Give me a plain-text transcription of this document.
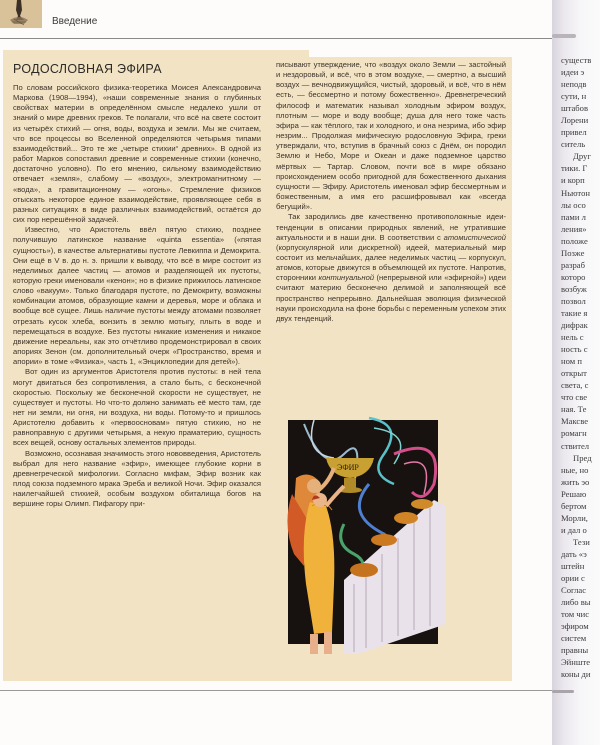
Введение
РОДОСЛОВНАЯ ЭФИРА

По словам российского физика-теоретика Моисея Александровича Маркова (1908—1994), «наши современные знания о глубинных свойствах материи в определённом смысле недалеко ушли от знаний о мире древних греков. Те полагали, что всё на свете состоит из четырёх стихий — огня, воды, воздуха и земли. Мы же считаем, что все процессы во Вселенной определяются четырьмя типами взаимодействий... Это те же „четыре стихии“ древних». В одной из работ Марков сопоставил древние и современные стихии (конечно, достаточно условно). По его мнению, сильному взаимодействию отвечает «земля», слабому — «воздух», электромагнитному — «вода», а гравитационному — «огонь». Стремление физиков отыскать некоторое единое взаимодействие, проявляющее себя в разных ситуациях в виде различных взаимодействий, остаётся до сих пор нерешённой задачей.

Известно, что Аристотель ввёл пятую стихию, позднее получившую латинское название «quinta essentia» («пятая сущность»), в качестве альтернативы пустоте Левкиппа и Демокрита. Они ещё в V в. до н. э. пришли к выводу, что всё в мире состоит из неделимых далее частиц — атомов и разделяющей их пустоты, которую греки именовали «кенон»; но в физике прижилось латинское слово «вакуум». Только благодаря пустоте, по Демокриту, возможны комбинации атомов, образующие камни и деревья, море и облака и вообще всё сущее. Лишь наличие пустоты между атомами позволяет отрезать кусок хлеба, вонзить в землю мотыгу, плыть в воде и перемещаться в воздухе. Без пустоты никакие изменения и никакое движение нереальны, как это отчётливо продемонстрировал в своих апориях Зенон (см. дополнительный очерк «Пространство, время и апории» в томе «Физика», часть 1, «Энциклопедии для детей»).

Вот один из аргументов Аристотеля против пустоты: в ней тела могут двигаться без сопротивления, а стало быть, с бесконечной скоростью. Поскольку же бесконечной скорости не существует, не существует и пустоты. Но что-то должно занимать её место там, где нет ни земли, ни огня, ни воздуха, ни воды. Потому-то и пришлось Аристотелю добавить к «первоосновам» пятую стихию, но не равноправную с другими четырьмя, а некую праматерию, сущность всех вещей, основу остальных элементов природы.

Возможно, осознавая значимость этого нововведения, Аристотель выбрал для него название «эфир», имеющее глубокие корни в древнегреческой мифологии. Согласно мифам, Эфир возник как плод союза подземного мрака Эреба и великой Ночи. Эфир оказался наилегчайшей стихией, особым воздухом обиталища богов на вершине горы Олимп. Пифагору при-

писывают утверждение, что «воздух около Земли — застойный и нездоровый, и всё, что в этом воздухе, — смертно, а высший воздух — вечнодвижущийся, чистый, здоровый, и всё, что в нём есть, — бессмертно и потому божественно». Древнегреческий философ и математик называл холодным эфиром воздух, плотным — море и воду вообще; душа для него тоже часть эфира — как тёплого, так и холодного, и она незрима, ибо эфир незрим... Продолжая мифическую родословную Эфира, греки утверждали, что, вступив в брачный союз с Днём, он породил Землю и Небо, Море и Океан и даже подземное царство мёртвых — Тартар. Словом, почти всё в мире обязано происхождением особо пригодной для божественного дыхания сущности — Эфиру. Аристотель именовал эфир бессмертным и божественным, а имя его расшифровывал как «всегда бегущий».

Так зародились две качественно противоположные идеи-тенденции в описании природных явлений, не утратившие актуальности и в наши дни. В соответствии с атомистической (корпускулярной или дискретной) идеей, материальный мир состоит из мельчайших, далее неделимых частиц — корпускул, атомов, которые движутся в объемлющей их пустоте. Напротив, сторонники континуальной (непрерывной или «эфирной») идеи считают материю бесконечно делимой и заполняющей всё пространство непрерывно. Дальнейшая эволюция физической науки происходила на фоне борьбы с переменным успехом этих двух тенденций.

ЭФИР
существ
идеи э
неподв
сути, н
штабов
Лорени
привел
ситель
Друг
тики. Г
и корп
Ньютон
лы осо
пами л
ления»
положе
Позже
разраб
которо
возбуж
позвол
такие я
дифрак
нель с
ность с
ном п
открыт
света, с
что све
ная. Те
Максве
ромагн
ствител
Пред
ные, но
жить эо
Решаю
бертом
Морли,
и дал о
Тези
дать «э
штейн
ории с
Соглас
либо вы
том чис
эфиром
систем
правны
Эйнште
коны ди
